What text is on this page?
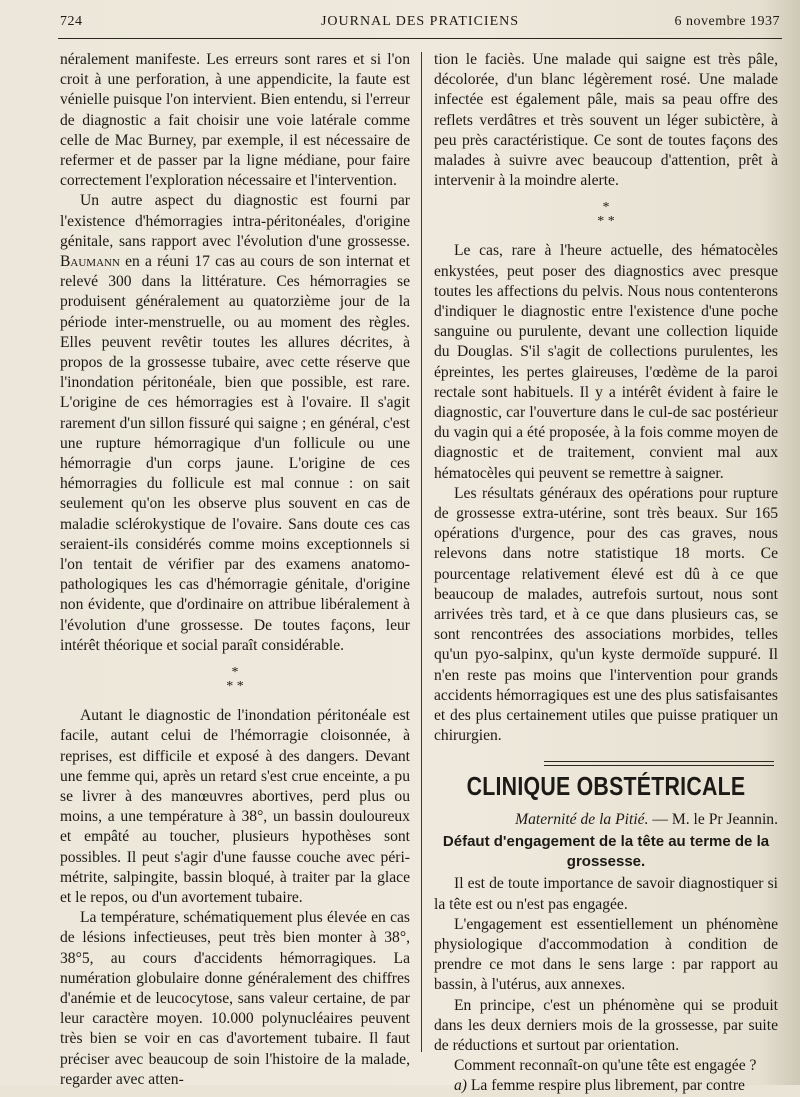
724	JOURNAL DES PRATICIENS	6 novembre 1937

néralement manifeste. Les erreurs sont rares et si l'on croit à une perforation, à une appendicite, la faute est vénielle puisque l'on intervient. Bien entendu, si l'erreur de diagnostic a fait choisir une voie latérale comme celle de Mac Burney, par exemple, il est nécessaire de refermer et de passer par la ligne médiane, pour faire correctement l'exploration nécessaire et l'intervention.

Un autre aspect du diagnostic est fourni par l'existence d'hémorragies intra-péritonéales, d'origine génitale, sans rapport avec l'évolution d'une grossesse. Baumann en a réuni 17 cas au cours de son internat et relevé 300 dans la littérature. Ces hémorragies se produisent généralement au quatorzième jour de la période inter-menstruelle, ou au moment des règles. Elles peuvent revêtir toutes les allures décrites, à propos de la grossesse tubaire, avec cette réserve que l'inondation péritonéale, bien que possible, est rare. L'origine de ces hémorragies est à l'ovaire. Il s'agit rarement d'un sillon fissuré qui saigne ; en général, c'est une rupture hémorragique d'un follicule ou une hémorragie d'un corps jaune. L'origine de ces hémorragies du follicule est mal connue : on sait seulement qu'on les observe plus souvent en cas de maladie sclérokystique de l'ovaire. Sans doute ces cas seraient-ils considérés comme moins exceptionnels si l'on tentait de vérifier par des examens anatomo-pathologiques les cas d'hémorragie génitale, d'origine non évidente, que d'ordinaire on attribue libéralement à l'évolution d'une grossesse. De toutes façons, leur intérêt théorique et social paraît considérable.

*
* *

Autant le diagnostic de l'inondation péritonéale est facile, autant celui de l'hémorragie cloisonnée, à reprises, est difficile et exposé à des dangers. Devant une femme qui, après un retard s'est crue enceinte, a pu se livrer à des manœuvres abortives, perd plus ou moins, a une température à 38°, un bassin douloureux et empâté au toucher, plusieurs hypothèses sont possibles. Il peut s'agir d'une fausse couche avec péri-métrite, salpingite, bassin bloqué, à traiter par la glace et le repos, ou d'un avortement tubaire.

La température, schématiquement plus élevée en cas de lésions infectieuses, peut très bien monter à 38°, 38°5, au cours d'accidents hémorragiques. La numération globulaire donne généralement des chiffres d'anémie et de leucocytose, sans valeur certaine, de par leur caractère moyen. 10.000 polynucléaires peuvent très bien se voir en cas d'avortement tubaire. Il faut préciser avec beaucoup de soin l'histoire de la malade, regarder avec atten-

tion le faciès. Une malade qui saigne est très pâle, décolorée, d'un blanc légèrement rosé. Une malade infectée est également pâle, mais sa peau offre des reflets verdâtres et très souvent un léger subictère, à peu près caractéristique. Ce sont de toutes façons des malades à suivre avec beaucoup d'attention, prêt à intervenir à la moindre alerte.

*
* *

Le cas, rare à l'heure actuelle, des hématocèles enkystées, peut poser des diagnostics avec presque toutes les affections du pelvis. Nous nous contenterons d'indiquer le diagnostic entre l'existence d'une poche sanguine ou purulente, devant une collection liquide du Douglas. S'il s'agit de collections purulentes, les épreintes, les pertes glaireuses, l'œdème de la paroi rectale sont habituels. Il y a intérêt évident à faire le diagnostic, car l'ouverture dans le cul-de sac postérieur du vagin qui a été proposée, à la fois comme moyen de diagnostic et de traitement, convient mal aux hématocèles qui peuvent se remettre à saigner.

Les résultats généraux des opérations pour rupture de grossesse extra-utérine, sont très beaux. Sur 165 opérations d'urgence, pour des cas graves, nous relevons dans notre statistique 18 morts. Ce pourcentage relativement élevé est dû à ce que beaucoup de malades, autrefois surtout, nous sont arrivées très tard, et à ce que dans plusieurs cas, se sont rencontrées des associations morbides, telles qu'un pyo-salpinx, qu'un kyste dermoïde suppuré. Il n'en reste pas moins que l'intervention pour grands accidents hémorragiques est une des plus satisfaisantes et des plus certainement utiles que puisse pratiquer un chirurgien.

CLINIQUE OBSTÉTRICALE

Maternité de la Pitié. — M. le Pr Jeannin.

Défaut d'engagement de la tête au terme de la grossesse.

Il est de toute importance de savoir diagnostiquer si la tête est ou n'est pas engagée.

L'engagement est essentiellement un phénomène physiologique d'accommodation à condition de prendre ce mot dans le sens large : par rapport au bassin, à l'utérus, aux annexes.

En principe, c'est un phénomène qui se produit dans les deux derniers mois de la grossesse, par suite de réductions et surtout par orientation.

Comment reconnaît-on qu'une tête est engagée ?

a) La femme respire plus librement, par contre
